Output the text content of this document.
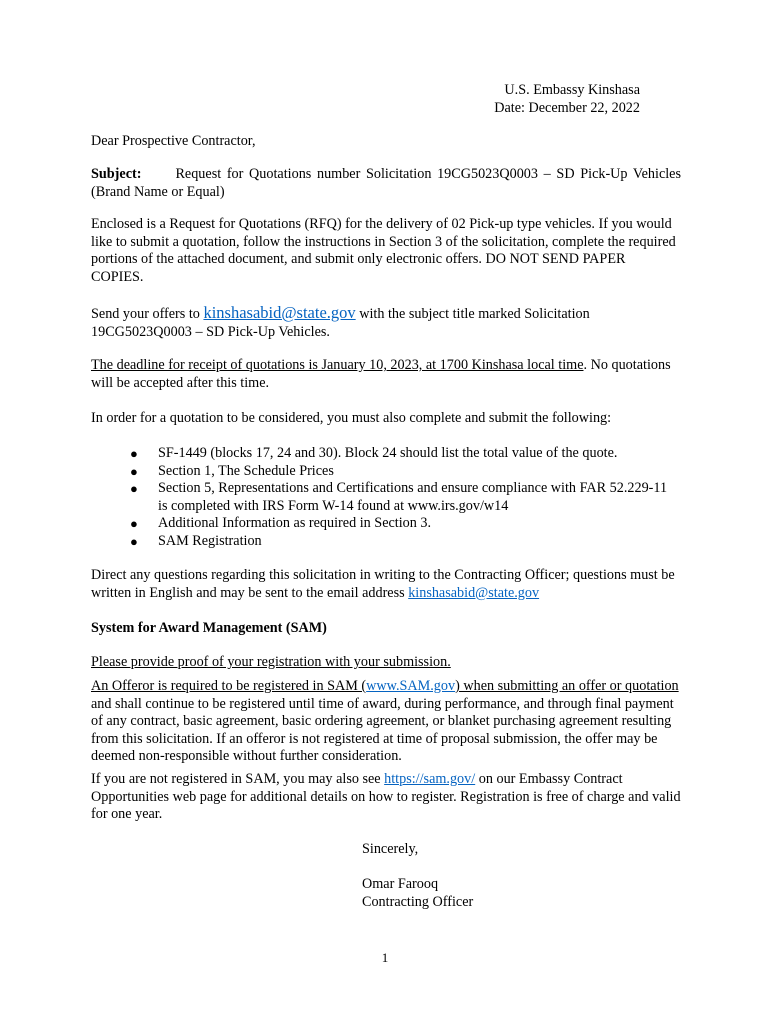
U.S. Embassy Kinshasa
Date: December 22, 2022

Dear Prospective Contractor,

Subject: Request for Quotations number Solicitation 19CG5023Q0003 – SD Pick-Up Vehicles (Brand Name or Equal)

Enclosed is a Request for Quotations (RFQ) for the delivery of 02 Pick-up type vehicles. If you would like to submit a quotation, follow the instructions in Section 3 of the solicitation, complete the required portions of the attached document, and submit only electronic offers. DO NOT SEND PAPER COPIES.

Send your offers to kinshasabid@state.gov with the subject title marked Solicitation 19CG5023Q0003 – SD Pick-Up Vehicles.

The deadline for receipt of quotations is January 10, 2023, at 1700 Kinshasa local time. No quotations will be accepted after this time.

In order for a quotation to be considered, you must also complete and submit the following:

● SF-1449 (blocks 17, 24 and 30). Block 24 should list the total value of the quote.
● Section 1, The Schedule Prices
● Section 5, Representations and Certifications and ensure compliance with FAR 52.229-11 is completed with IRS Form W-14 found at www.irs.gov/w14
● Additional Information as required in Section 3.
● SAM Registration

Direct any questions regarding this solicitation in writing to the Contracting Officer; questions must be written in English and may be sent to the email address kinshasabid@state.gov

System for Award Management (SAM)

Please provide proof of your registration with your submission.

An Offeror is required to be registered in SAM (www.SAM.gov) when submitting an offer or quotation and shall continue to be registered until time of award, during performance, and through final payment of any contract, basic agreement, basic ordering agreement, or blanket purchasing agreement resulting from this solicitation. If an offeror is not registered at time of proposal submission, the offer may be deemed non-responsible without further consideration.

If you are not registered in SAM, you may also see https://sam.gov/ on our Embassy Contract Opportunities web page for additional details on how to register. Registration is free of charge and valid for one year.

Sincerely,
Omar Farooq
Contracting Officer
1
